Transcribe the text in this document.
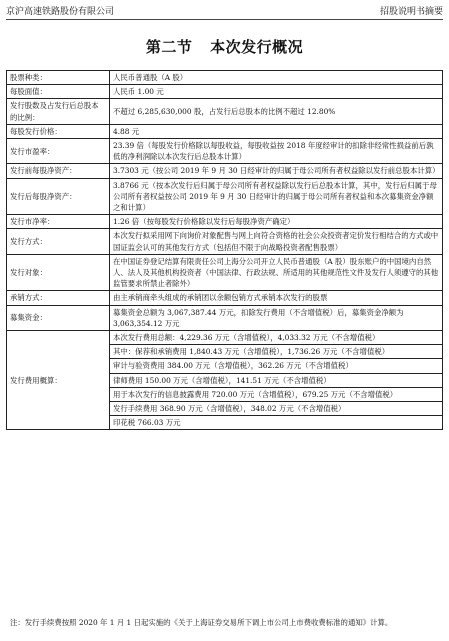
京沪高速铁路股份有限公司	招股说明书摘要
第二节 本次发行概况
股票种类：	人民币普通股（A 股）
每股面值：	人民币 1.00 元
发行股数及占发行后总股本的比例：	不超过 6,285,630,000 股，占发行后总股本的比例不超过 12.80%
每股发行价格：	4.88 元
发行市盈率：	23.39 倍（每股发行价格除以每股收益，每股收益按 2018 年度经审计的扣除非经常性损益前后孰低的净利润除以本次发行后总股本计算）
发行前每股净资产：	3.7303 元（按公司 2019 年 9 月 30 日经审计的归属于母公司所有者权益除以发行前总股本计算）
发行后每股净资产：	3.8766 元（按本次发行后归属于母公司所有者权益除以发行后总股本计算，其中，发行后归属于母公司所有者权益按公司 2019 年 9 月 30 日经审计的归属于母公司所有者权益和本次募集资金净额之和计算）
发行市净率：	1.26 倍（按每股发行价格除以发行后每股净资产确定）
发行方式：	本次发行拟采用网下向询价对象配售与网上向符合资格的社会公众投资者定价发行相结合的方式或中国证监会认可的其他发行方式（包括但不限于向战略投资者配售股票）
发行对象：	在中国证券登记结算有限责任公司上海分公司开立人民币普通股（A 股）股东账户的中国境内自然人、法人及其他机构投资者（中国法律、行政法规、所适用的其他规范性文件及发行人须遵守的其他监管要求所禁止者除外）
承销方式：	由主承销商牵头组成的承销团以余额包销方式承销本次发行的股票
募集资金：	募集资金总额为 3,067,387.44 万元，扣除发行费用（不含增值税）后，募集资金净额为 3,063,354.12 万元
发行费用概算：	本次发行费用总额：4,229.36 万元（含增值税），4,033.32 万元（不含增值税）
	其中：保荐和承销费用 1,840.43 万元（含增值税），1,736.26 万元（不含增值税）
	审计与验资费用 384.00 万元（含增值税），362.26 万元（不含增值税）
	律师费用 150.00 万元（含增值税），141.51 万元（不含增值税）
	用于本次发行的信息披露费用 720.00 万元（含增值税），679.25 万元（不含增值税）
	发行手续费用 368.90 万元（含增值税），348.02 万元（不含增值税）
	印花税 766.03 万元
注：发行手续费按照 2020 年 1 月 1 日起实施的《关于上海证券交易所下调上市公司上市费收费标准的通知》计算。
